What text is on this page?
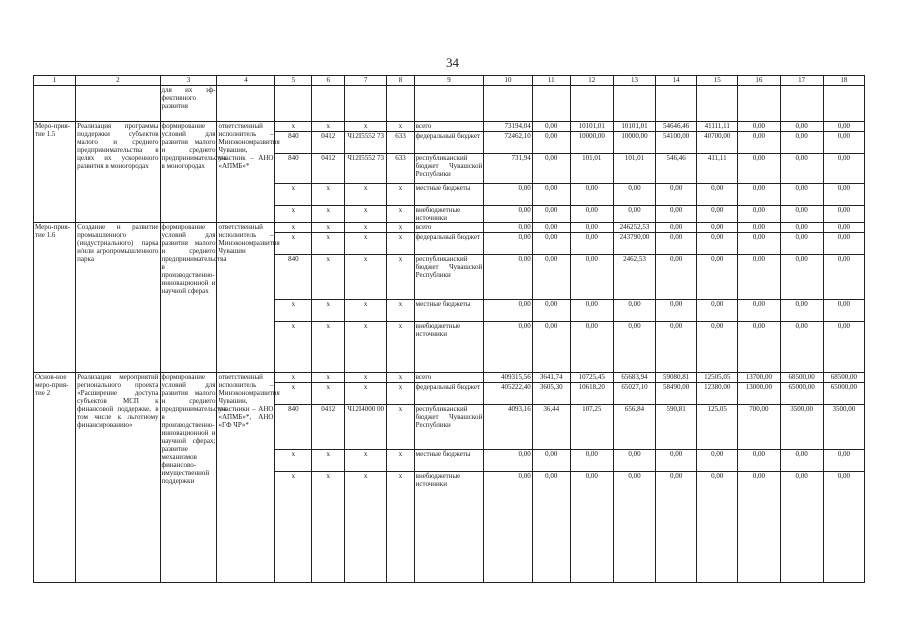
34
1	2	3	4	5	6	7	8	9	10	11	12	13	14	15	16	17	18
		для их эф-фективного развития															
Меро-прия-тие 1.5	Реализация программы поддержки субъектов малого и среднего предпринимательства в целях их ускоренного развития в моногородах	формирование условий для развития малого и среднего предпринимательства в моногородах	ответственный исполнитель – Минэкономразвития Чувашии, участник – АНО «АПМБ»*	x	x	x	x	всего	73194,04	0,00	10101,01	10101,01	54646,46	41111,11	0,00	0,00	0,00
				840	0412	Ч12I5552 73	633	федеральный бюджет	72462,10	0,00	10000,00	10000,00	54100,00	40700,00	0,00	0,00	0,00
				840	0412	Ч12I5552 73	633	республиканский бюджет Чувашской Республики	731,94	0,00	101,01	101,01	546,46	411,11	0,00	0,00	0,00
				x	x	x	x	местные бюджеты	0,00	0,00	0,00	0,00	0,00	0,00	0,00	0,00	0,00
				x	x	x	x	внебюджетные источники	0,00	0,00	0,00	0,00	0,00	0,00	0,00	0,00	0,00
Меро-прия-тие 1.6	Создание и развитие промышленного (индустриального) парка и/или агропромышленного парка	формирование условий для развития малого и среднего предпринимательства в производственно-инновационной и научной сферах	ответственный исполнитель – Минэкономразвития Чувашии	x	x	x	x	всего	0,00	0,00	0,00	246252,53	0,00	0,00	0,00	0,00	0,00
				x	x	x	x	федеральный бюджет	0,00	0,00	0,00	243790,00	0,00	0,00	0,00	0,00	0,00
				840	x	x	x	республиканский бюджет Чувашской Республики	0,00	0,00	0,00	2462,53	0,00	0,00	0,00	0,00	0,00
				x	x	x	x	местные бюджеты	0,00	0,00	0,00	0,00	0,00	0,00	0,00	0,00	0,00
				x	x	x	x	внебюджетные источники	0,00	0,00	0,00	0,00	0,00	0,00	0,00	0,00	0,00
Основ-ное меро-прия-тие 2	Реализация мероприятий регионального проекта «Расширение доступа субъектов МСП к финансовой поддержке, в том числе к льготному финансированию»	формирование условий для развития малого и среднего предпринимательства в производственно-инновационной и научной сферах; развитие механизмов финансово-имущественной поддержки	ответственный исполнитель – Минэкономразвития Чувашии, участники – АНО «АПМБ»*, АНО «ГФ ЧР»*	x	x	x	x	всего	409315,56	3641,74	10725,45	65683,94	59080,81	12505,05	13700,00	68500,00	68500,00
				x	x	x	x	федеральный бюджет	405222,40	3605,30	10618,20	65027,10	58490,00	12380,00	13000,00	65000,00	65000,00
				840	0412	Ч12I4000 00	x	республиканский бюджет Чувашской Республики	4093,16	36,44	107,25	656,84	590,81	125,05	700,00	3500,00	3500,00
				x	x	x	x	местные бюджеты	0,00	0,00	0,00	0,00	0,00	0,00	0,00	0,00	0,00
				x	x	x	x	внебюджетные источники	0,00	0,00	0,00	0,00	0,00	0,00	0,00	0,00	0,00
